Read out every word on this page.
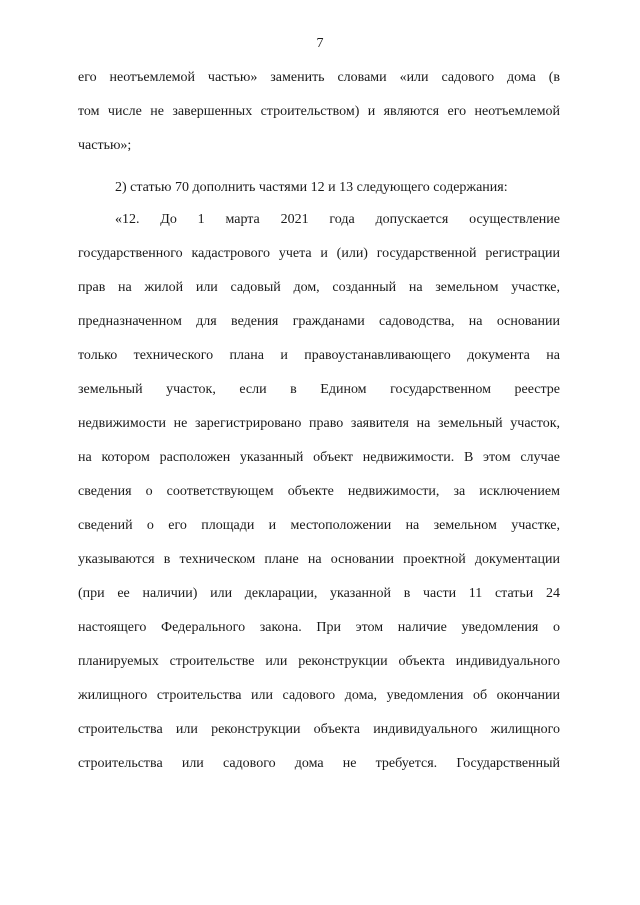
7
его неотъемлемой частью» заменить словами «или садового дома (в
том числе не завершенных строительством) и являются его неотъемлемой
частью»;
2) статью 70 дополнить частями 12 и 13 следующего содержания:
«12. До 1 марта 2021 года допускается осуществление
государственного кадастрового учета и (или) государственной регистрации
прав на жилой или садовый дом, созданный на земельном участке,
предназначенном для ведения гражданами садоводства, на основании
только технического плана и правоустанавливающего документа на
земельный участок, если в Едином государственном реестре
недвижимости не зарегистрировано право заявителя на земельный участок,
на котором расположен указанный объект недвижимости. В этом случае
сведения о соответствующем объекте недвижимости, за исключением
сведений о его площади и местоположении на земельном участке,
указываются в техническом плане на основании проектной документации
(при ее наличии) или декларации, указанной в части 11 статьи 24
настоящего Федерального закона. При этом наличие уведомления о
планируемых строительстве или реконструкции объекта индивидуального
жилищного строительства или садового дома, уведомления об окончании
строительства или реконструкции объекта индивидуального жилищного
строительства или садового дома не требуется. Государственный
